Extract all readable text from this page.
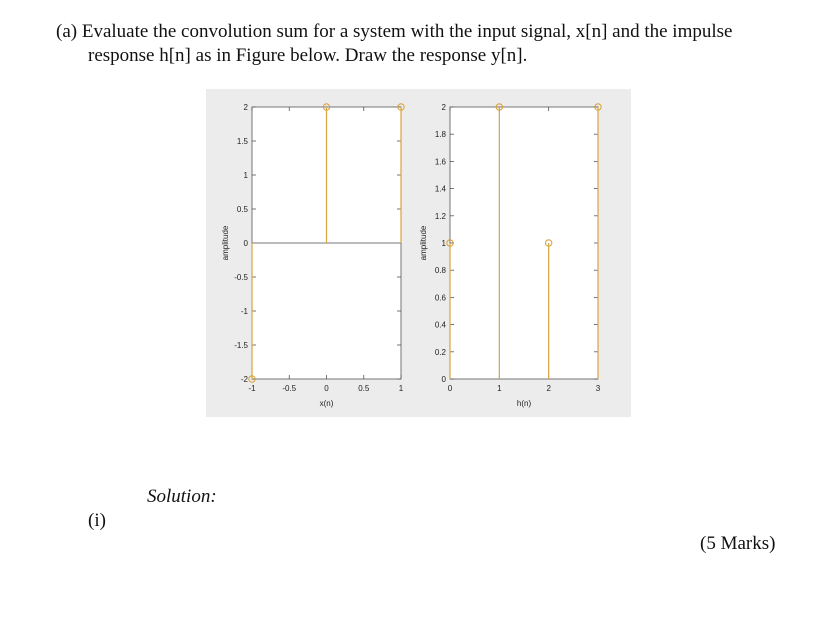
(a) Evaluate the convolution sum for a system with the input signal, x[n] and the impulse
response h[n] as in Figure below. Draw the response y[n].
-2
-1.5
-1
-0.5
0
0.5
1
1.5
2
-1	-0.5	0	0.5	1
x(n)
amplitude
0
0.2
0.4
0.6
0.8
1
1.2
1.4
1.6
1.8
2
0	1	2	3
h(n)
amplitude
Solution:
(i)
(5 Marks)
